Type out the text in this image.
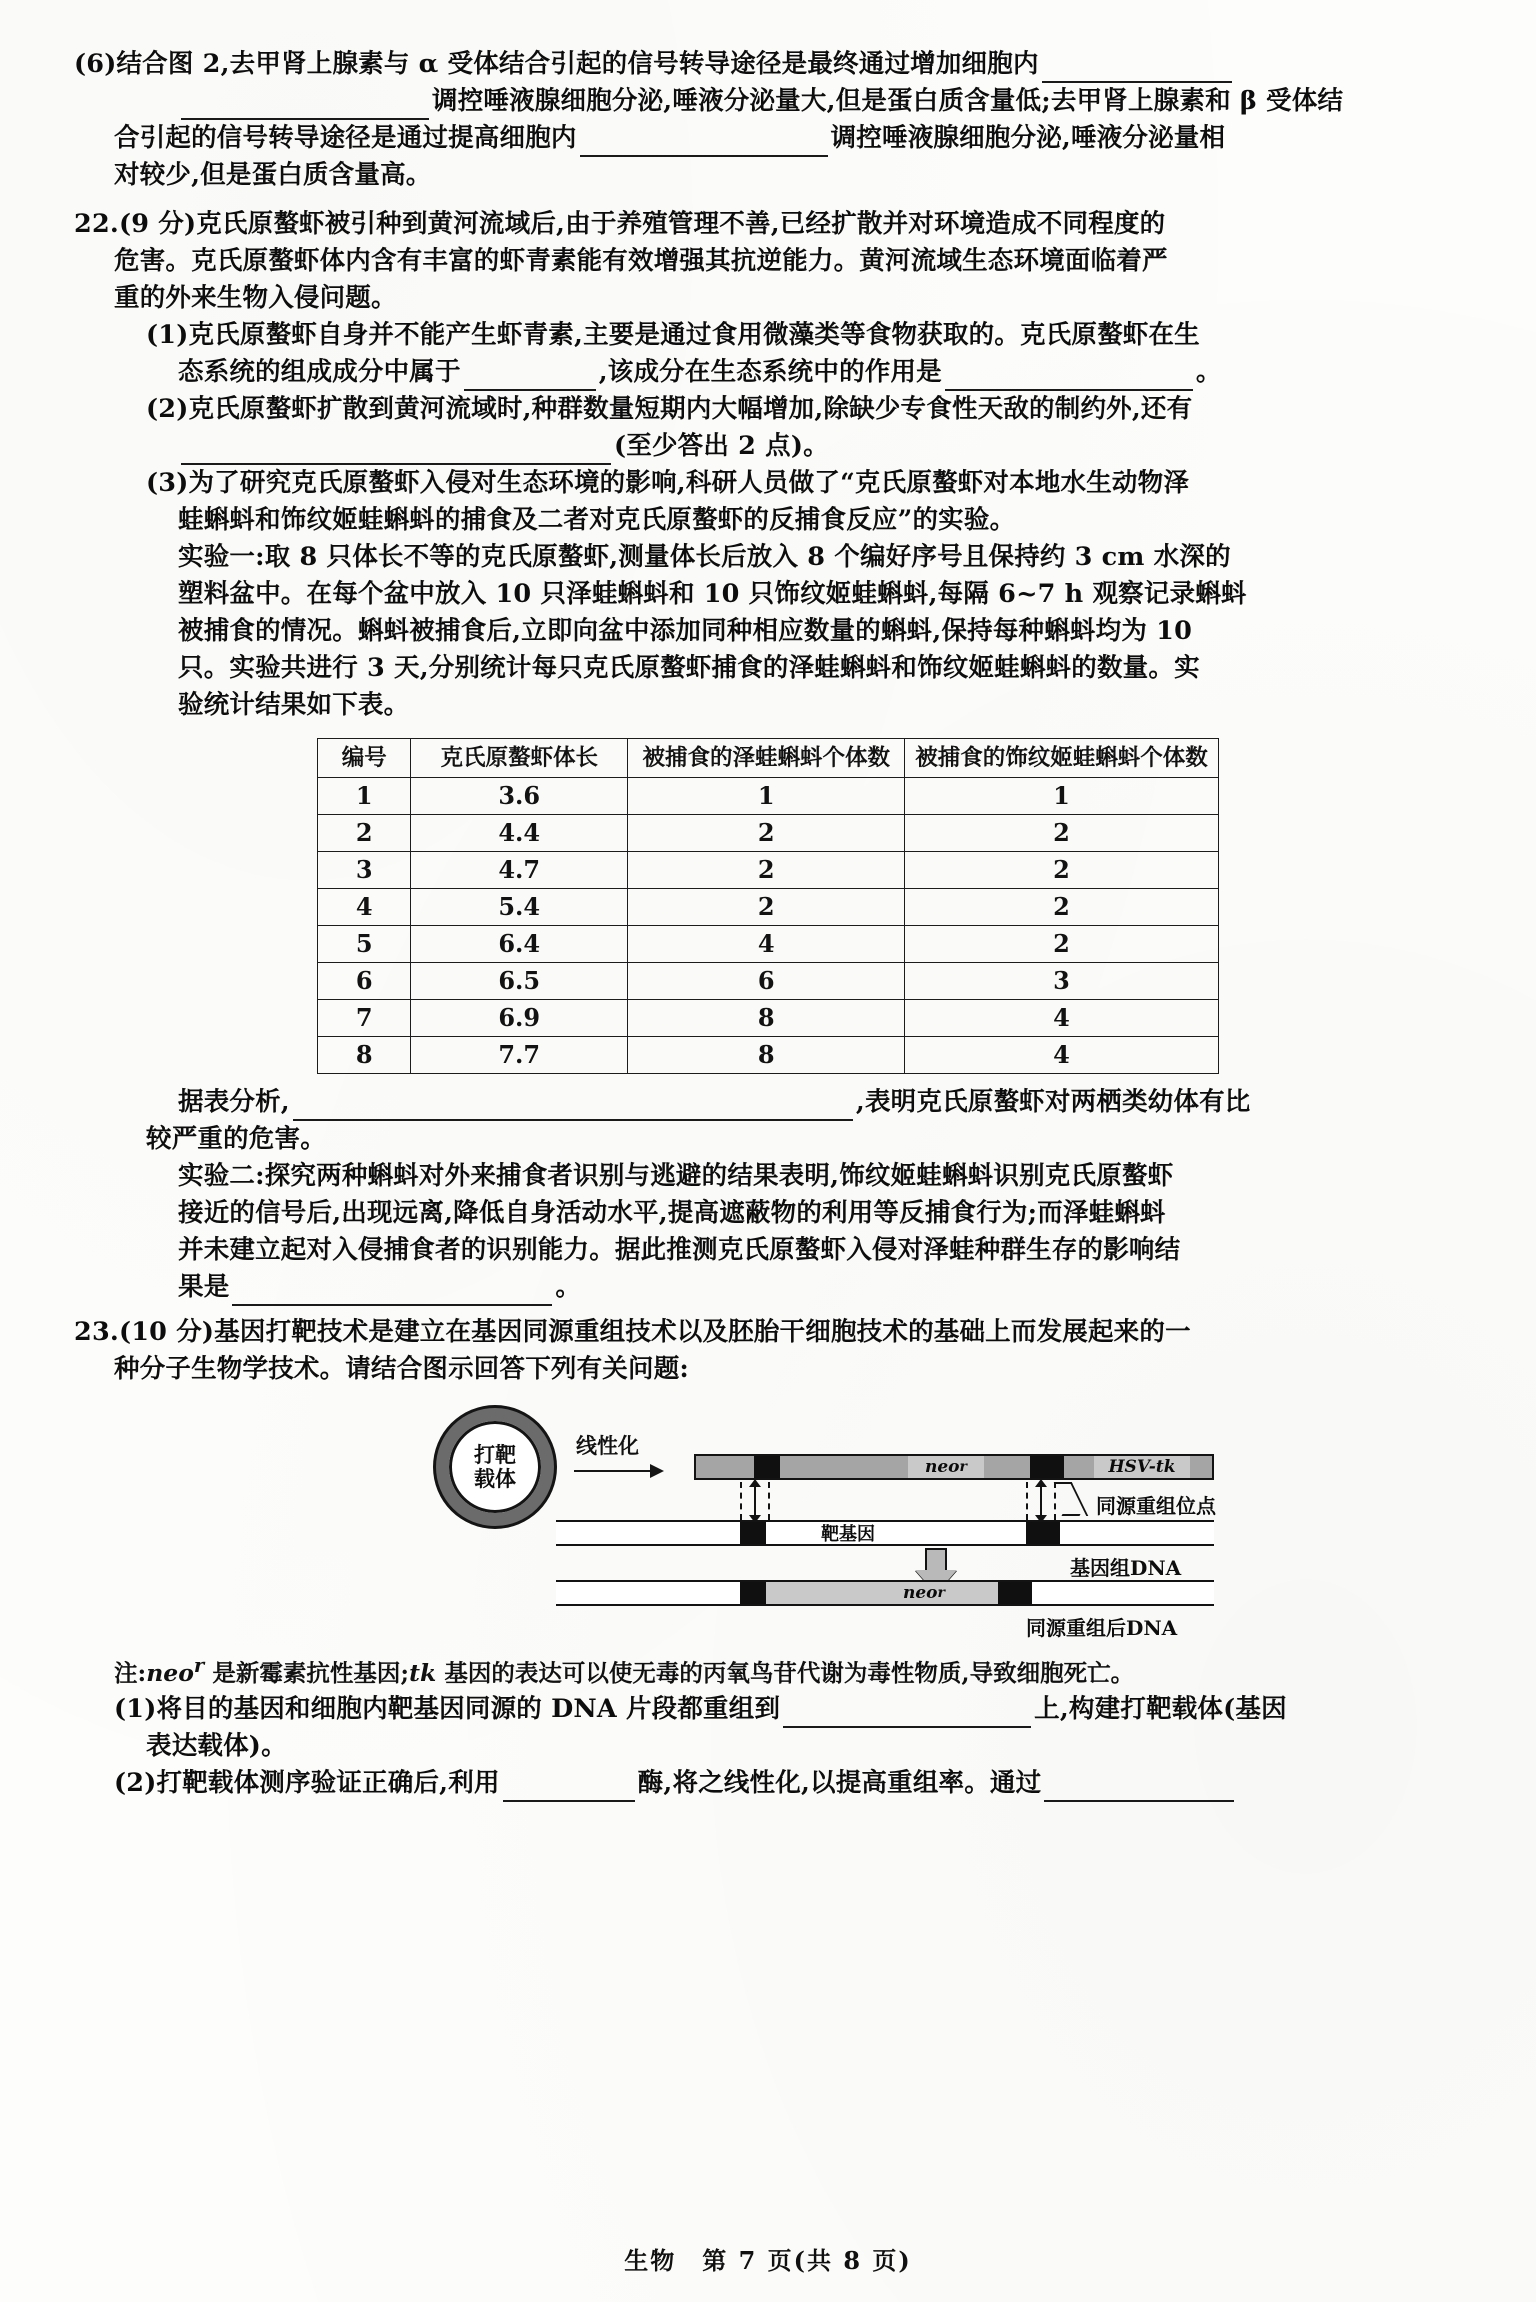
(6)结合图 2,去甲肾上腺素与 α 受体结合引起的信号转导途径是最终通过增加细胞内
调控唾液腺细胞分泌,唾液分泌量大,但是蛋白质含量低;去甲肾上腺素和 β 受体结
合引起的信号转导途径是通过提高细胞内	调控唾液腺细胞分泌,唾液分泌量相
对较少,但是蛋白质含量高。
22.(9 分)克氏原螯虾被引种到黄河流域后,由于养殖管理不善,已经扩散并对环境造成不同程度的
危害。克氏原螯虾体内含有丰富的虾青素能有效增强其抗逆能力。黄河流域生态环境面临着严
重的外来生物入侵问题。
(1)克氏原螯虾自身并不能产生虾青素,主要是通过食用微藻类等食物获取的。克氏原螯虾在生
态系统的组成成分中属于	,该成分在生态系统中的作用是	。
(2)克氏原螯虾扩散到黄河流域时,种群数量短期内大幅增加,除缺少专食性天敌的制约外,还有
(至少答出 2 点)。
(3)为了研究克氏原螯虾入侵对生态环境的影响,科研人员做了“克氏原螯虾对本地水生动物泽
蛙蝌蚪和饰纹姬蛙蝌蚪的捕食及二者对克氏原螯虾的反捕食反应”的实验。
实验一:取 8 只体长不等的克氏原螯虾,测量体长后放入 8 个编好序号且保持约 3 cm 水深的
塑料盆中。在每个盆中放入 10 只泽蛙蝌蚪和 10 只饰纹姬蛙蝌蚪,每隔 6~7 h 观察记录蝌蚪
被捕食的情况。蝌蚪被捕食后,立即向盆中添加同种相应数量的蝌蚪,保持每种蝌蚪均为 10
只。实验共进行 3 天,分别统计每只克氏原螯虾捕食的泽蛙蝌蚪和饰纹姬蛙蝌蚪的数量。实
验统计结果如下表。
编号	克氏原螯虾体长	被捕食的泽蛙蝌蚪个体数	被捕食的饰纹姬蛙蝌蚪个体数
1	3.6	1	1
2	4.4	2	2
3	4.7	2	2
4	5.4	2	2
5	6.4	4	2
6	6.5	6	3
7	6.9	8	4
8	7.7	8	4
据表分析,	,表明克氏原螯虾对两栖类幼体有比
较严重的危害。
实验二:探究两种蝌蚪对外来捕食者识别与逃避的结果表明,饰纹姬蛙蝌蚪识别克氏原螯虾
接近的信号后,出现远离,降低自身活动水平,提高遮蔽物的利用等反捕食行为;而泽蛙蝌蚪
并未建立起对入侵捕食者的识别能力。据此推测克氏原螯虾入侵对泽蛙种群生存的影响结
果是	。
23.(10 分)基因打靶技术是建立在基因同源重组技术以及胚胎干细胞技术的基础上而发展起来的一
种分子生物学技术。请结合图示回答下列有关问题:
打靶
载体
线性化
neo r	HSV-tk
同源重组位点
靶基因
基因组DNA
neo r
同源重组后DNA
注:neo$^r$ 是新霉素抗性基因;tk 基因的表达可以使无毒的丙氧鸟苷代谢为毒性物质,导致细胞死亡。
(1)将目的基因和细胞内靶基因同源的 DNA 片段都重组到	上,构建打靶载体(基因
表达载体)。
(2)打靶载体测序验证正确后,利用	酶,将之线性化,以提高重组率。通过
生物 第 7 页(共 8 页)
